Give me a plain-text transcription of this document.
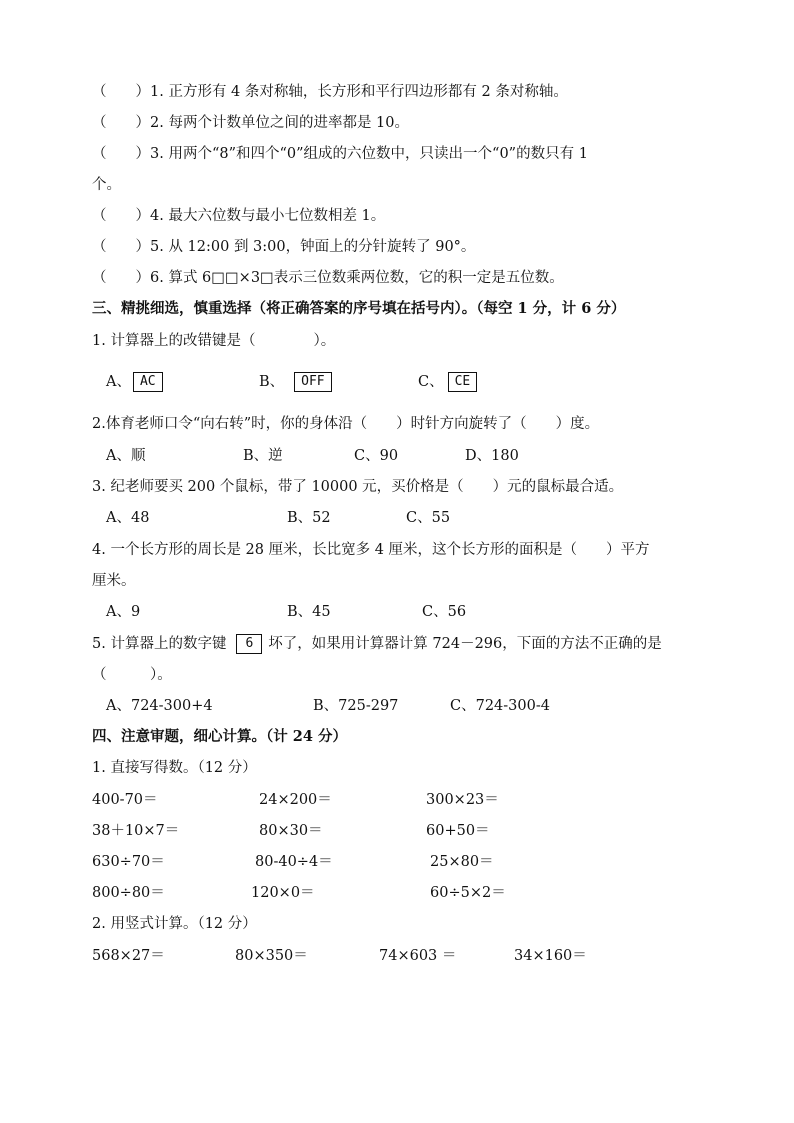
（　　）1. 正方形有 4 条对称轴，长方形和平行四边形都有 2 条对称轴。
（　　）2. 每两个计数单位之间的进率都是 10。
（　　）3. 用两个“8”和四个“0”组成的六位数中，只读出一个“0”的数只有 1
个。
（　　）4. 最大六位数与最小七位数相差 1。
（　　）5. 从 12:00 到 3:00，钟面上的分针旋转了 90°。
（　　）6. 算式 6□□×3□表示三位数乘两位数，它的积一定是五位数。
三、精挑细选，慎重选择（将正确答案的序号填在括号内）。（每空 1 分，计 6 分）
1. 计算器上的改错键是（　　　　）。
A、 AC	B、 OFF	C、 CE
2.体育老师口令“向右转”时，你的身体沿（　　）时针方向旋转了（　　）度。
A、顺	B、逆	C、90	D、180
3. 纪老师要买 200 个鼠标，带了 10000 元，买价格是（　　）元的鼠标最合适。
A、48	B、52	C、55
4. 一个长方形的周长是 28 厘米，长比宽多 4 厘米，这个长方形的面积是（　　）平方
厘米。
A、9	B、45	C、56
5. 计算器上的数字键 6 坏了，如果用计算器计算 724－296，下面的方法不正确的是
（　　　）。
A、724-300+4	B、725-297	C、724-300-4
四、注意审题，细心计算。（计 24 分）
1. 直接写得数。（12 分）
400-70＝	24×200＝	300×23＝
38＋10×7＝	80×30＝	60+50＝
630÷70＝	80-40÷4＝	25×80＝
800÷80＝	120×0＝	60÷5×2＝
2. 用竖式计算。（12 分）
568×27＝	80×350＝	74×603 ＝	34×160＝
